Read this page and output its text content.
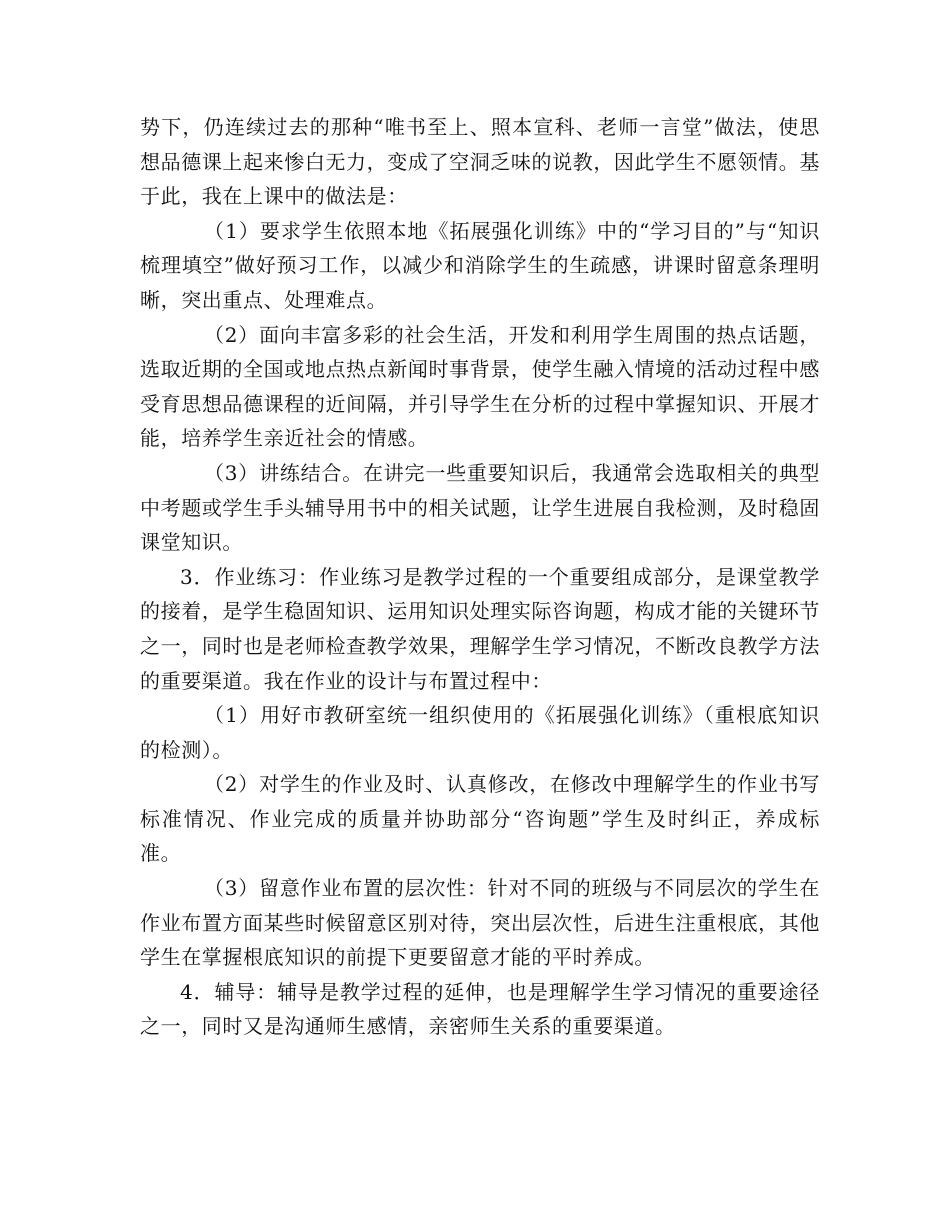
势下，仍连续过去的那种“唯书至上、照本宣科、老师一言堂”做法，使思想品德课上起来惨白无力，变成了空洞乏味的说教，因此学生不愿领情。基于此，我在上课中的做法是：

（1）要求学生依照本地《拓展强化训练》中的“学习目的”与“知识梳理填空”做好预习工作，以减少和消除学生的生疏感，讲课时留意条理明晰，突出重点、处理难点。

（2）面向丰富多彩的社会生活，开发和利用学生周围的热点话题，选取近期的全国或地点热点新闻时事背景，使学生融入情境的活动过程中感受育思想品德课程的近间隔，并引导学生在分析的过程中掌握知识、开展才能，培养学生亲近社会的情感。

（3）讲练结合。在讲完一些重要知识后，我通常会选取相关的典型中考题或学生手头辅导用书中的相关试题，让学生进展自我检测，及时稳固课堂知识。

3．作业练习：作业练习是教学过程的一个重要组成部分，是课堂教学的接着，是学生稳固知识、运用知识处理实际咨询题，构成才能的关键环节之一，同时也是老师检查教学效果，理解学生学习情况，不断改良教学方法的重要渠道。我在作业的设计与布置过程中：

（1）用好市教研室统一组织使用的《拓展强化训练》（重根底知识的检测）。

（2）对学生的作业及时、认真修改，在修改中理解学生的作业书写标准情况、作业完成的质量并协助部分“咨询题”学生及时纠正，养成标准。

（3）留意作业布置的层次性：针对不同的班级与不同层次的学生在作业布置方面某些时候留意区别对待，突出层次性，后进生注重根底，其他学生在掌握根底知识的前提下更要留意才能的平时养成。

4．辅导：辅导是教学过程的延伸，也是理解学生学习情况的重要途径之一，同时又是沟通师生感情，亲密师生关系的重要渠道。
